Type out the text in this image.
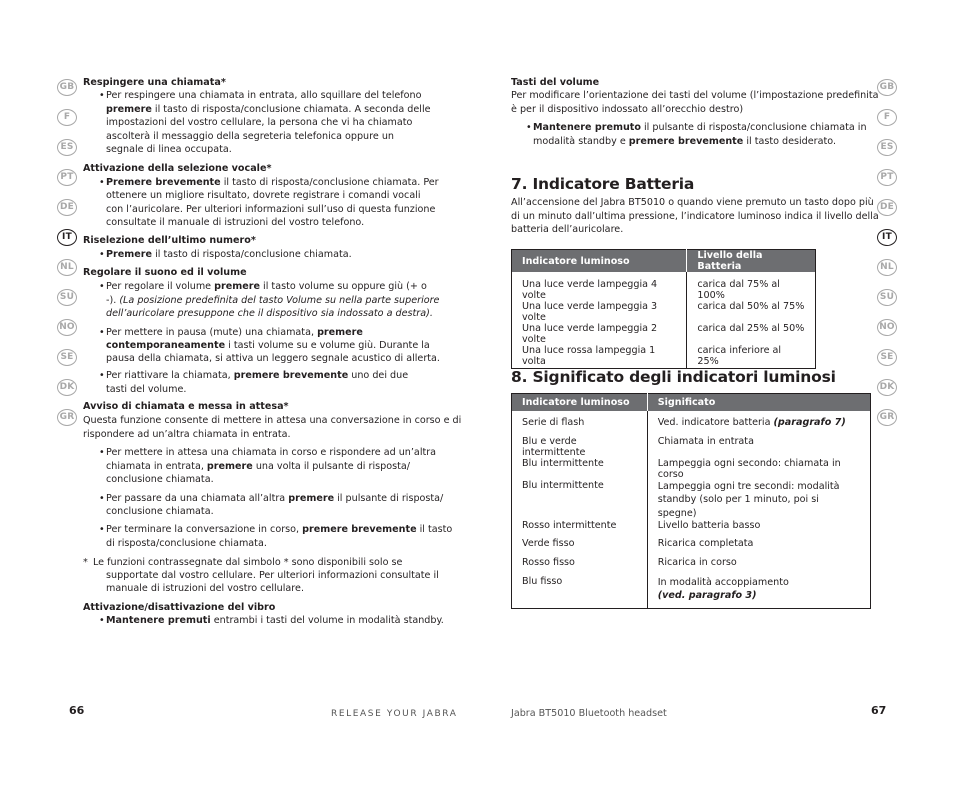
GB
F
ES
PT
DE
IT
NL
SU
NO
SE
DK
GR
GB
F
ES
PT
DE
IT
NL
SU
NO
SE
DK
GR
Respingere una chiamata*
• Per respingere una chiamata in entrata, allo squillare del telefono
premere il tasto di risposta/conclusione chiamata. A seconda delle
impostazioni del vostro cellulare, la persona che vi ha chiamato
ascolterà il messaggio della segreteria telefonica oppure un
segnale di linea occupata.
Attivazione della selezione vocale*
• Premere brevemente il tasto di risposta/conclusione chiamata. Per
ottenere un migliore risultato, dovrete registrare i comandi vocali
con l’auricolare. Per ulteriori informazioni sull’uso di questa funzione
consultate il manuale di istruzioni del vostro telefono.
Riselezione dell’ultimo numero*
• Premere il tasto di risposta/conclusione chiamata.
Regolare il suono ed il volume
• Per regolare il volume premere il tasto volume su oppure giù (+ o
-). (La posizione predefinita del tasto Volume su nella parte superiore
dell’auricolare presuppone che il dispositivo sia indossato a destra).
• Per mettere in pausa (mute) una chiamata, premere
contemporaneamente i tasti volume su e volume giù. Durante la
pausa della chiamata, si attiva un leggero segnale acustico di allerta.
• Per riattivare la chiamata, premere brevemente uno dei due
tasti del volume.
Avviso di chiamata e messa in attesa*
Questa funzione consente di mettere in attesa una conversazione in corso e di
rispondere ad un’altra chiamata in entrata.
• Per mettere in attesa una chiamata in corso e rispondere ad un’altra
chiamata in entrata, premere una volta il pulsante di risposta/
conclusione chiamata.
• Per passare da una chiamata all’altra premere il pulsante di risposta/
conclusione chiamata.
• Per terminare la conversazione in corso, premere brevemente il tasto
di risposta/conclusione chiamata.
* Le funzioni contrassegnate dal simbolo * sono disponibili solo se
supportate dal vostro cellulare. Per ulteriori informazioni consultate il
manuale di istruzioni del vostro cellulare.
Attivazione/disattivazione del vibro
• Mantenere premuti entrambi i tasti del volume in modalità standby.
Tasti del volume
Per modificare l’orientazione dei tasti del volume (l’impostazione predefinita
è per il dispositivo indossato all’orecchio destro)
• Mantenere premuto il pulsante di risposta/conclusione chiamata in
modalità standby e premere brevemente il tasto desiderato.
7. Indicatore Batteria
All’accensione del Jabra BT5010 o quando viene premuto un tasto dopo più
di un minuto dall’ultima pressione, l’indicatore luminoso indica il livello della
batteria dell’auricolare.
Indicatore luminoso	Livello della Batteria
Una luce verde lampeggia 4 volte	carica dal 75% al 100%
Una luce verde lampeggia 3 volte	carica dal 50% al 75%
Una luce verde lampeggia 2 volte	carica dal 25% al 50%
Una luce rossa lampeggia 1 volta	carica inferiore al 25%
8. Significato degli indicatori luminosi
Indicatore luminoso	Significato
Serie di flash	Ved. indicatore batteria (paragrafo 7)
Blu e verde intermittente	Chiamata in entrata
Blu intermittente	Lampeggia ogni secondo: chiamata in corso
Blu intermittente	Lampeggia ogni tre secondi: modalità
standby (solo per 1 minuto, poi si spegne)

Rosso intermittente	Livello batteria basso
Verde fisso	Ricarica completata
Rosso fisso	Ricarica in corso
Blu fisso	In modalità accoppiamento
(ved. paragrafo 3)
66	RELEASE YOUR JABRA	Jabra BT5010 Bluetooth headset	67
